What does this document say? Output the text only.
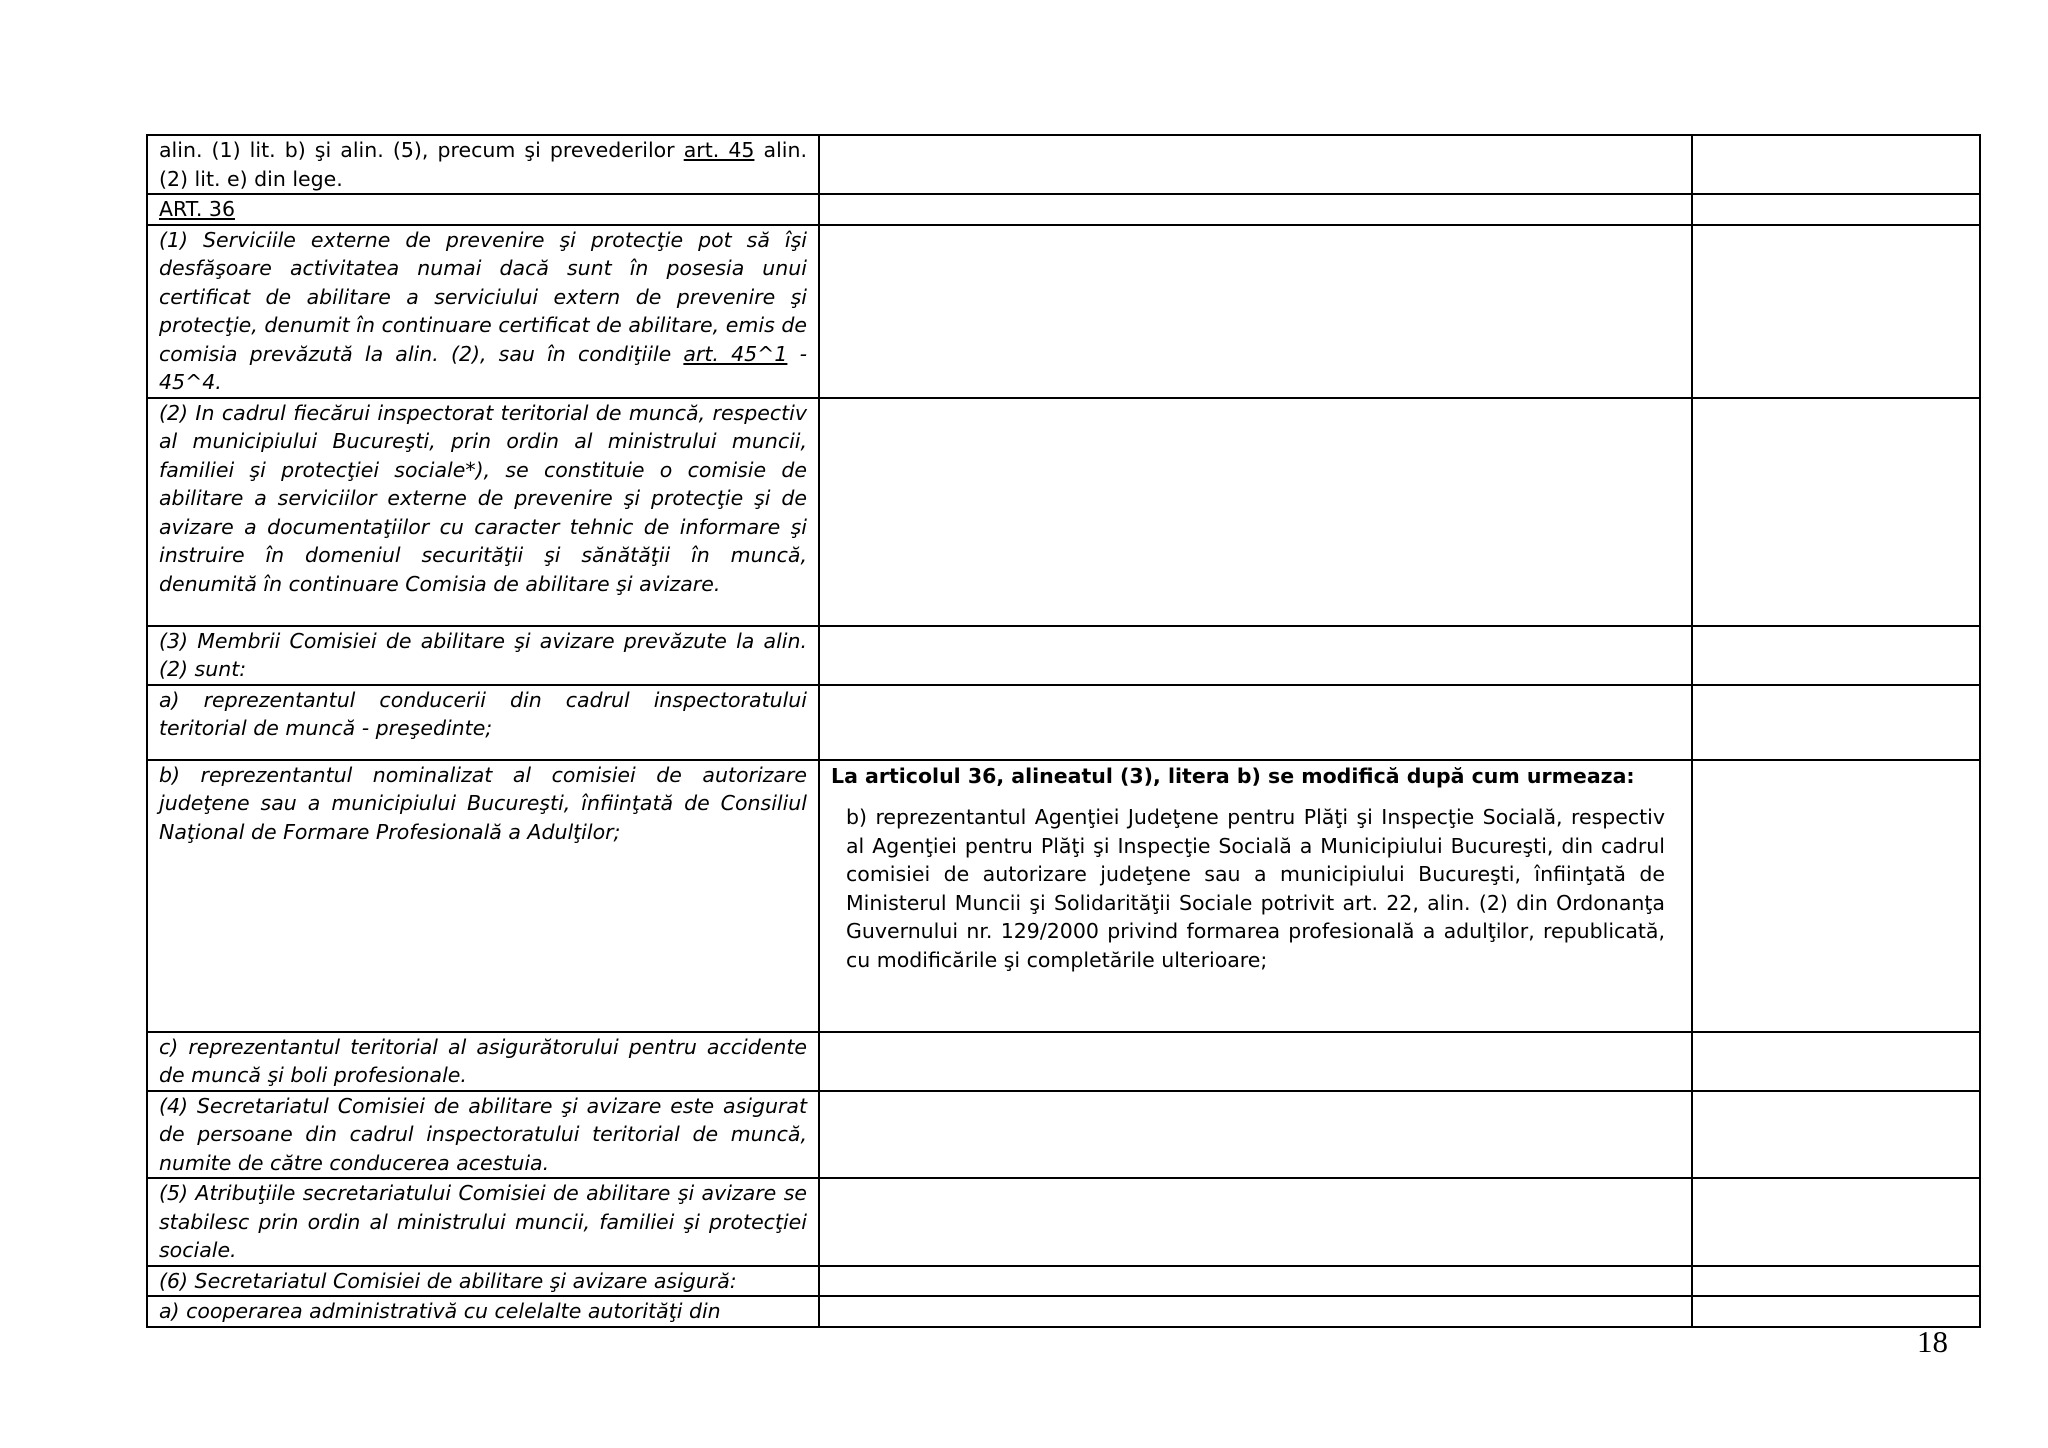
alin. (1) lit. b) şi alin. (5), precum şi prevederilor art. 45 alin. (2) lit. e) din lege.		
ART. 36		
(1) Serviciile externe de prevenire şi protecţie pot să îşi desfăşoare activitatea numai dacă sunt în posesia unui certificat de abilitare a serviciului extern de prevenire şi protecţie, denumit în continuare certificat de abilitare, emis de comisia prevăzută la alin. (2), sau în condiţiile art. 45^1 - 45^4.		
(2) In cadrul fiecărui inspectorat teritorial de muncă, respectiv al municipiului Bucureşti, prin ordin al ministrului muncii, familiei şi protecţiei sociale*), se constituie o comisie de abilitare a serviciilor externe de prevenire şi protecţie şi de avizare a documentaţiilor cu caracter tehnic de informare şi instruire în domeniul securităţii şi sănătăţii în muncă, denumită în continuare Comisia de abilitare şi avizare.		
(3) Membrii Comisiei de abilitare şi avizare prevăzute la alin. (2) sunt:		
a) reprezentantul conducerii din cadrul inspectoratului teritorial de muncă - preşedinte;		
b) reprezentantul nominalizat al comisiei de autorizare judeţene sau a municipiului Bucureşti, înfiinţată de Consiliul Naţional de Formare Profesională a Adulţilor;	La articolul 36, alineatul (3), litera b) se modifică după cum urmeaza:
b) reprezentantul Agenţiei Judeţene pentru Plăţi şi Inspecţie Socială, respectiv al Agenţiei pentru Plăţi şi Inspecţie Socială a Municipiului Bucureşti, din cadrul comisiei de autorizare judeţene sau a municipiului Bucureşti, înfiinţată de Ministerul Muncii şi Solidarităţii Sociale potrivit art. 22, alin. (2) din Ordonanţa Guvernului nr. 129/2000 privind formarea profesională a adulţilor, republicată, cu modificările şi completările ulterioare;	

c) reprezentantul teritorial al asigurătorului pentru accidente de muncă şi boli profesionale.		
(4) Secretariatul Comisiei de abilitare şi avizare este asigurat de persoane din cadrul inspectoratului teritorial de muncă, numite de către conducerea acestuia.		
(5) Atribuţiile secretariatului Comisiei de abilitare şi avizare se stabilesc prin ordin al ministrului muncii, familiei şi protecţiei sociale.		
(6) Secretariatul Comisiei de abilitare şi avizare asigură:		
a) cooperarea administrativă cu celelalte autorităţi din		
18
